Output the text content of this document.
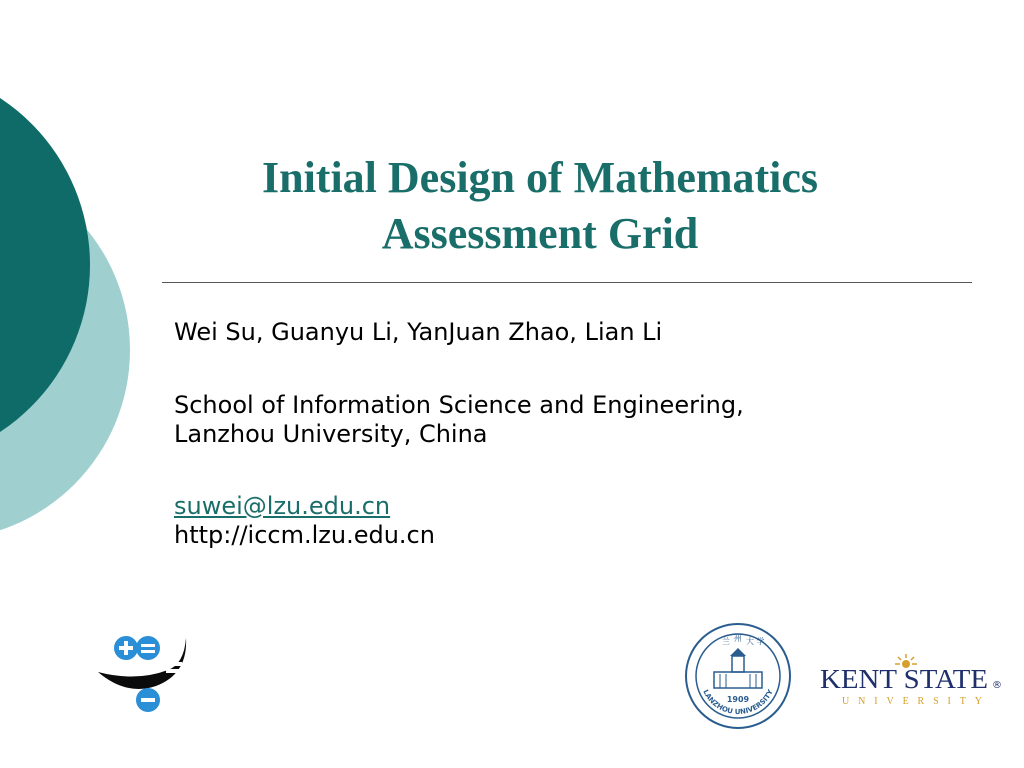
Initial Design of Mathematics
Assessment Grid

Wei Su, Guanyu Li, YanJuan Zhao, Lian Li

School of Information Science and Engineering,

Lanzhou University, China

suwei@lzu.edu.cn

http://iccm.lzu.edu.cn

兰 州 大 学
1909
LANZHOU UNIVERSITY KENT STATE ®
UNIVERSITY
